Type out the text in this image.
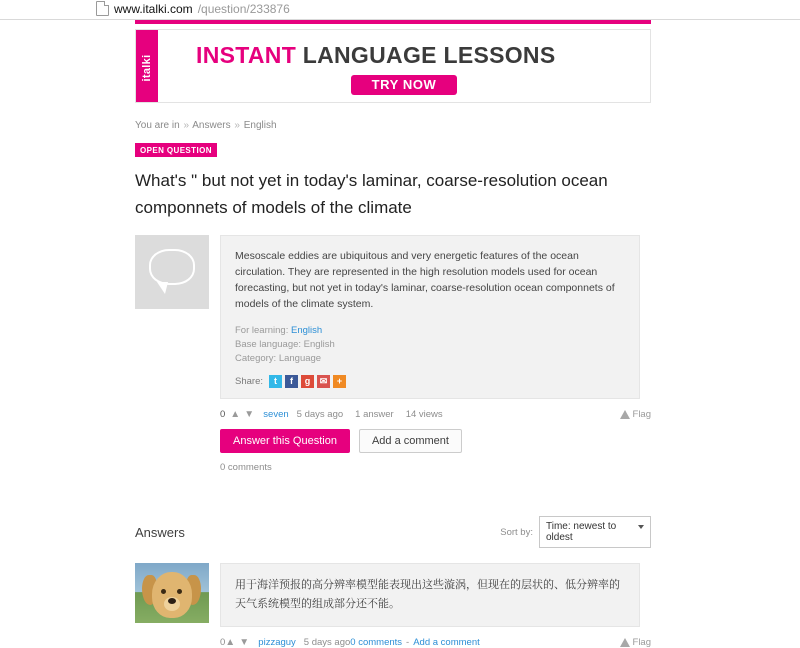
www.italki.com /question/233876
italki INSTANT LANGUAGE LESSONS
TRY NOW
You are in » Answers » English
OPEN QUESTION
What's " but not yet in today's laminar, coarse-resolution ocean componnets of models of the climate
Mesoscale eddies are ubiquitous and very energetic features of the ocean circulation. They are represented in the high resolution models used for ocean forecasting, but not yet in today's laminar, coarse-resolution ocean componnets of models of the climate system.
For learning: English
Base language: English
Category: Language
Share:	t	f	g	✉	+
0 ▲ ▼ seven 5 days ago 1 answer 14 views	Flag
Answer this Question	Add a comment
0 comments
Answers	Sort by:	Time: newest to oldest
用于海洋预报的高分辨率模型能表现出这些漩涡，但现在的层状的、低分辨率的天气系统模型的组成部分还不能。
0 ▲ ▼ pizzaguy 5 days ago 0 comments - Add a comment	Flag
